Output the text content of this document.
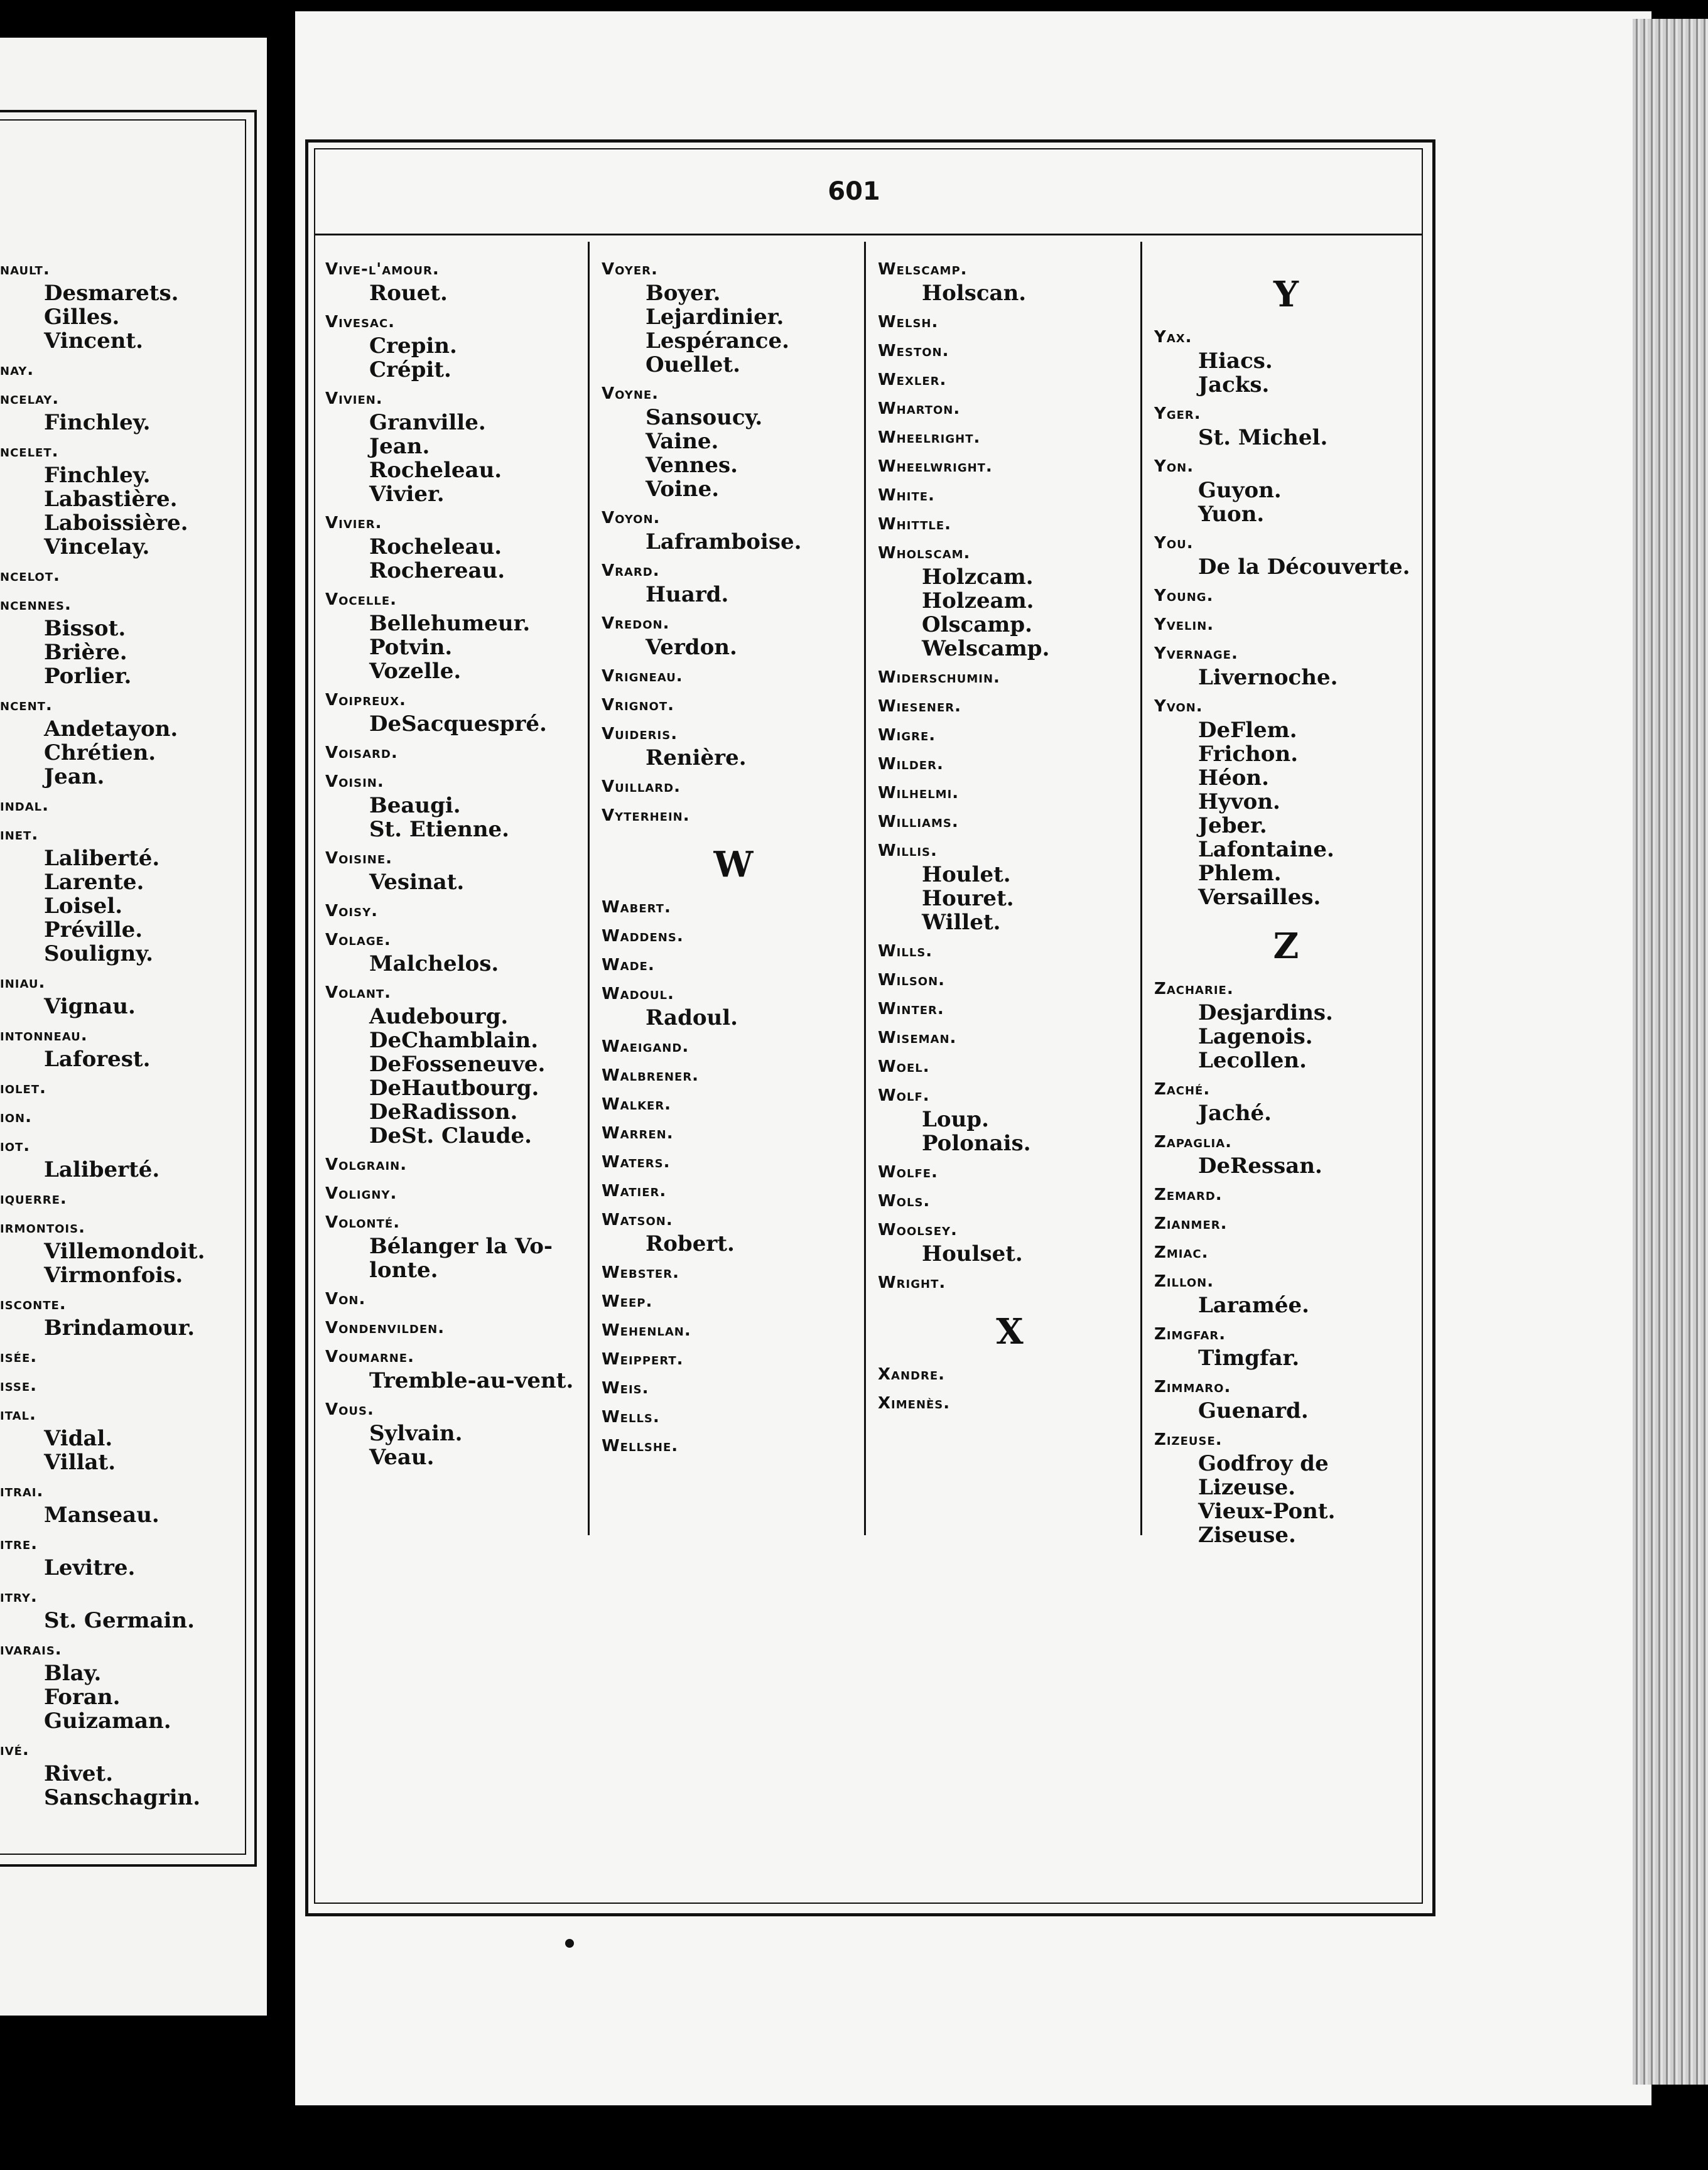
nault.
Desmarets.
Gilles.
Vincent.
nay.
ncelay.
Finchley.
ncelet.
Finchley.
Labastière.
Laboissière.
Vincelay.
ncelot.
ncennes.
Bissot.
Brière.
Porlier.
ncent.
Andetayon.
Chrétien.
Jean.
indal.
inet.
Laliberté.
Larente.
Loisel.
Préville.
Souligny.
iniau.
Vignau.
intonneau.
Laforest.
iolet.
ion.
iot.
Laliberté.
iquerre.
irmontois.
Villemondoit.
Virmonfois.
isconte.
Brindamour.
isée.
isse.
ital.
Vidal.
Villat.
itrai.
Manseau.
itre.
Levitre.
itry.
St. Germain.
ivarais.
Blay.
Foran.
Guizaman.
ivé.
Rivet.
Sanschagrin.
601
Vive-l'amour.
Rouet.
Vivesac.
Crepin.
Crépit.
Vivien.
Granville.
Jean.
Rocheleau.
Vivier.
Vivier.
Rocheleau.
Rochereau.
Vocelle.
Bellehumeur.
Potvin.
Vozelle.
Voipreux.
DeSacquespré.
Voisard.
Voisin.
Beaugi.
St. Etienne.
Voisine.
Vesinat.
Voisy.
Volage.
Malchelos.
Volant.
Audebourg.
DeChamblain.
DeFosseneuve.
DeHautbourg.
DeRadisson.
DeSt. Claude.
Volgrain.
Voligny.
Volonté.
Bélanger la Vo-
lonte.
Von.
Vondenvilden.
Voumarne.
Tremble-au-vent.
Vous.
Sylvain.
Veau.
Voyer.
Boyer.
Lejardinier.
Lespérance.
Ouellet.
Voyne.
Sansoucy.
Vaine.
Vennes.
Voine.
Voyon.
Laframboise.
Vrard.
Huard.
Vredon.
Verdon.
Vrigneau.
Vrignot.
Vuideris.
Renière.
Vuillard.
Vyterhein.
W
Wabert.
Waddens.
Wade.
Wadoul.
Radoul.
Waeigand.
Walbrener.
Walker.
Warren.
Waters.
Watier.
Watson.
Robert.
Webster.
Weep.
Wehenlan.
Weippert.
Weis.
Wells.
Wellshe.
Welscamp.
Holscan.
Welsh.
Weston.
Wexler.
Wharton.
Wheelright.
Wheelwright.
White.
Whittle.
Wholscam.
Holzcam.
Holzeam.
Olscamp.
Welscamp.
Widerschumin.
Wiesener.
Wigre.
Wilder.
Wilhelmi.
Williams.
Willis.
Houlet.
Houret.
Willet.
Wills.
Wilson.
Winter.
Wiseman.
Woel.
Wolf.
Loup.
Polonais.
Wolfe.
Wols.
Woolsey.
Houlset.
Wright.
X
Xandre.
Ximenès.
Y
Yax.
Hiacs.
Jacks.
Yger.
St. Michel.
Yon.
Guyon.
Yuon.
You.
De la Découverte.
Young.
Yvelin.
Yvernage.
Livernoche.
Yvon.
DeFlem.
Frichon.
Héon.
Hyvon.
Jeber.
Lafontaine.
Phlem.
Versailles.
Z
Zacharie.
Desjardins.
Lagenois.
Lecollen.
Zaché.
Jaché.
Zapaglia.
DeRessan.
Zemard.
Zianmer.
Zmiac.
Zillon.
Laramée.
Zimgfar.
Timgfar.
Zimmaro.
Guenard.
Zizeuse.
Godfroy de
Lizeuse.
Vieux-Pont.
Ziseuse.
